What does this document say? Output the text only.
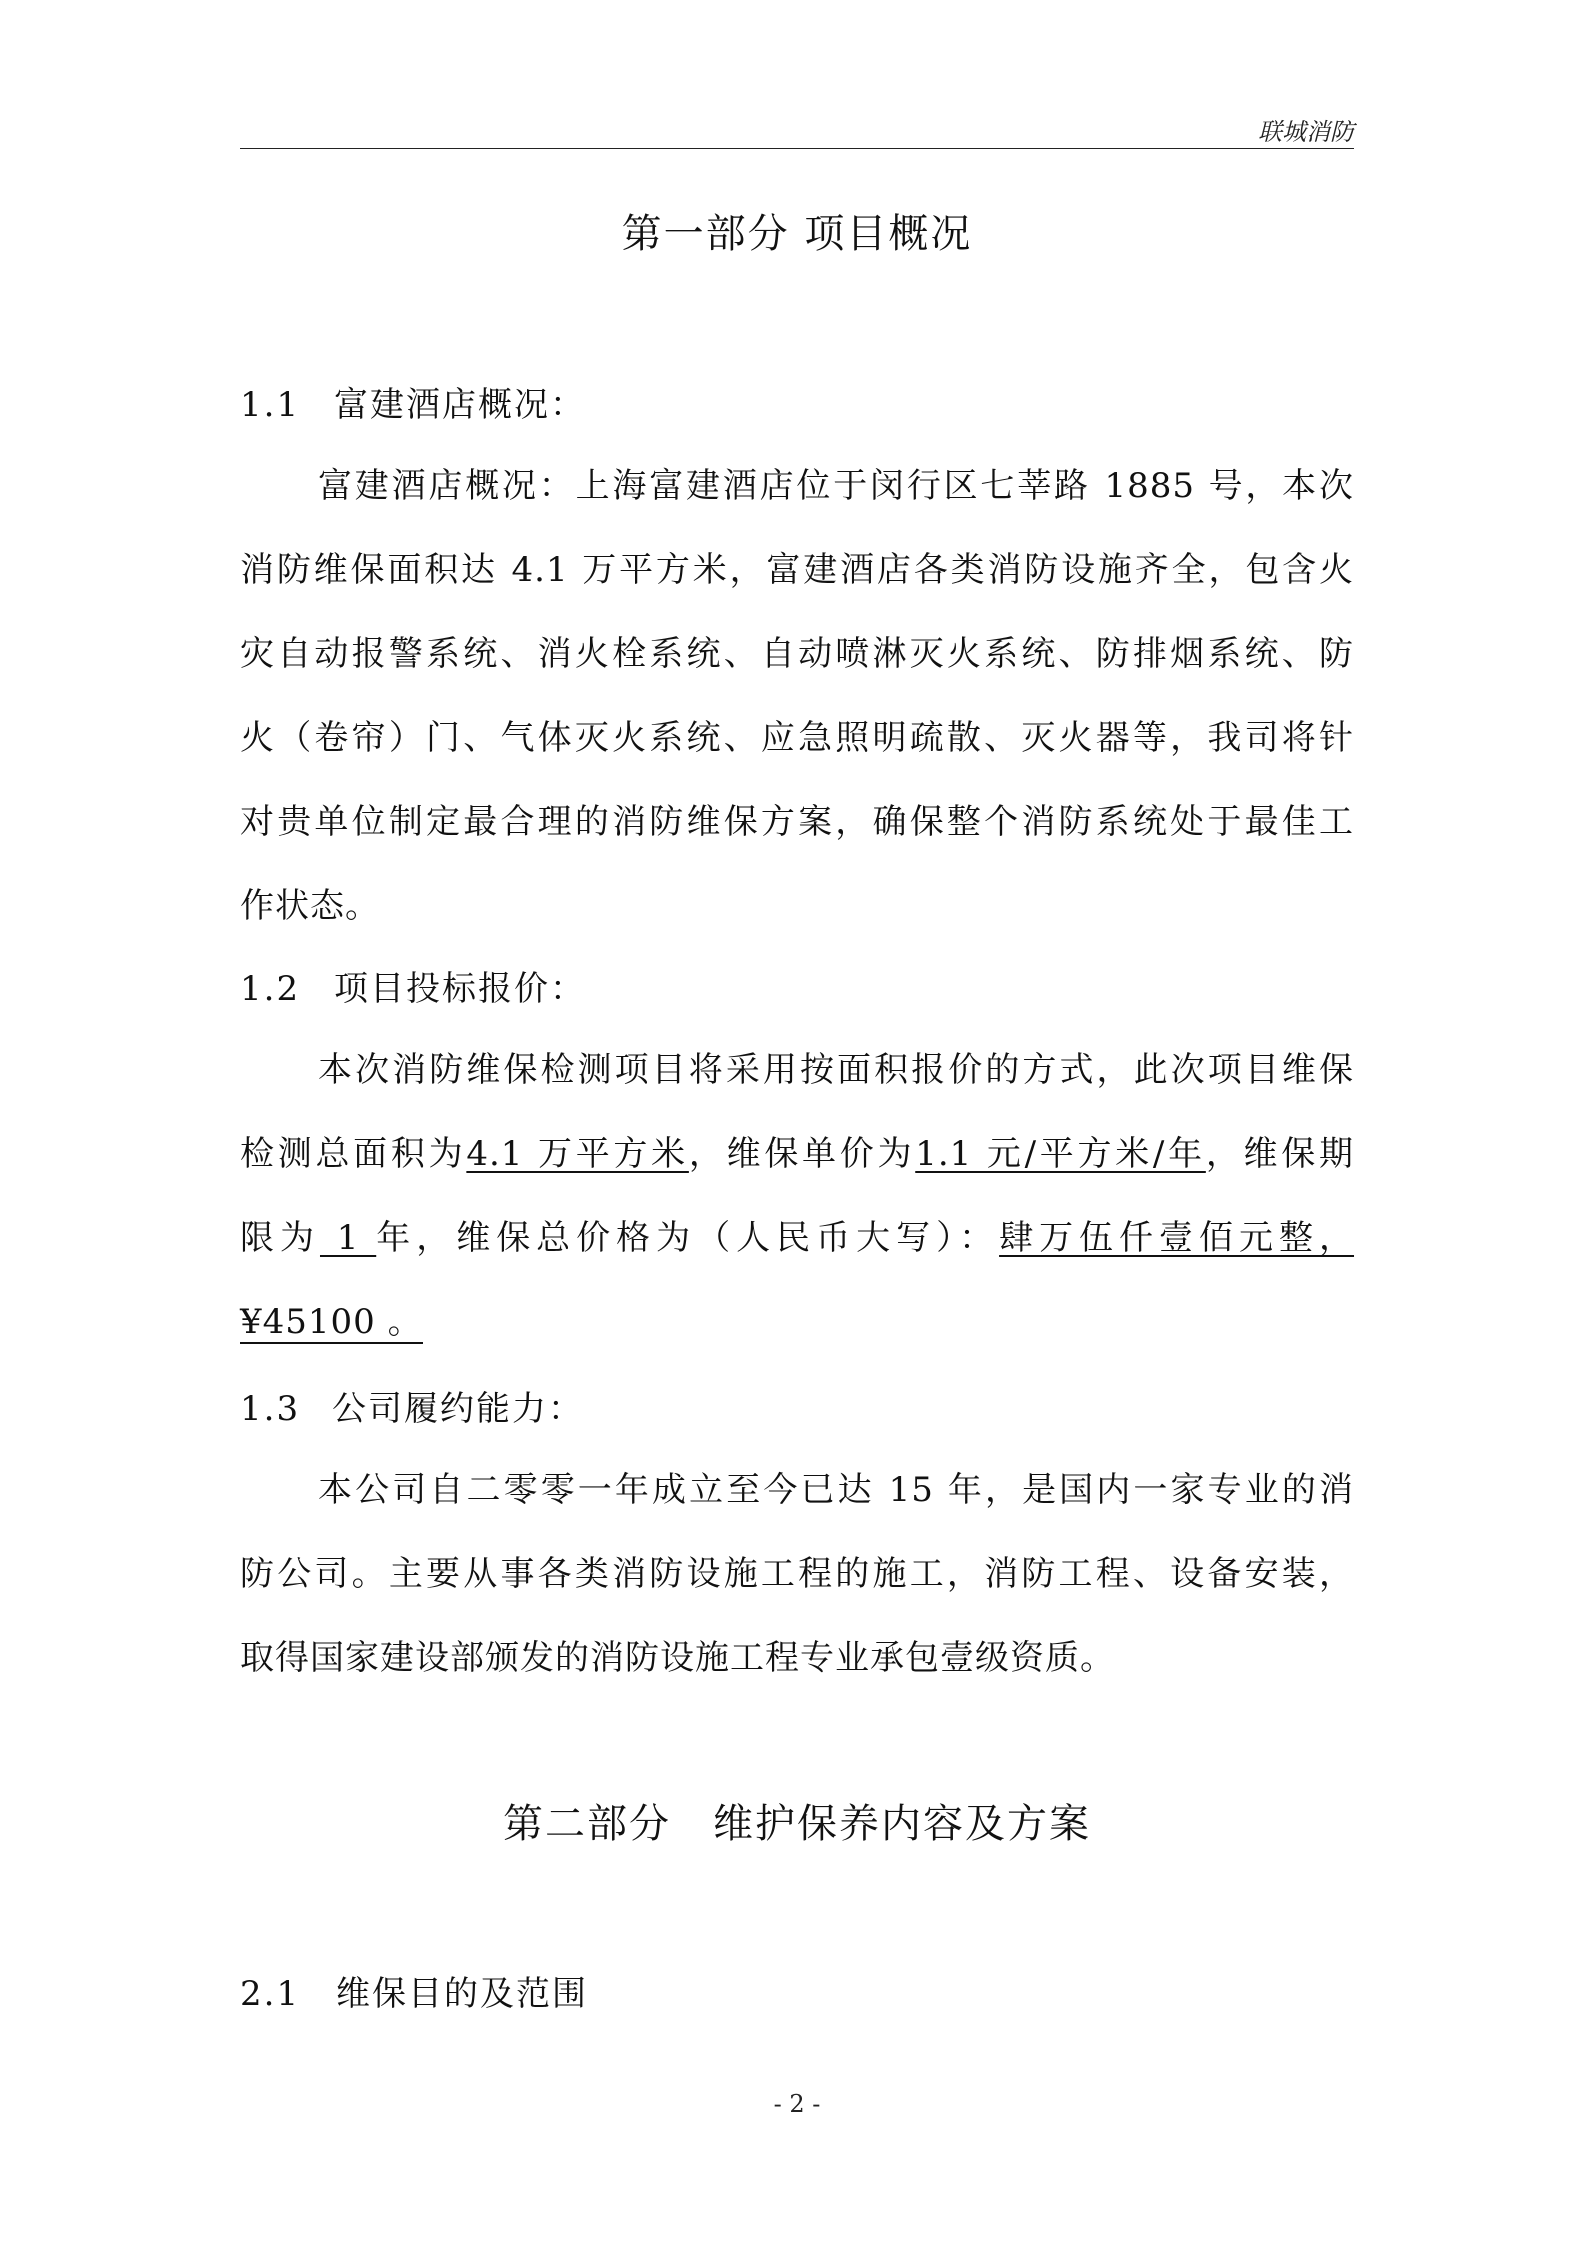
联城消防
第一部分 项目概况
1.1 富建酒店概况：
富建酒店概况：上海富建酒店位于闵行区七莘路 1885 号，本次
消防维保面积达 4.1 万平方米，富建酒店各类消防设施齐全，包含火
灾自动报警系统、消火栓系统、自动喷淋灭火系统、防排烟系统、防
火（卷帘）门、气体灭火系统、应急照明疏散、灭火器等，我司将针
对贵单位制定最合理的消防维保方案，确保整个消防系统处于最佳工
作状态。
1.2 项目投标报价：
本次消防维保检测项目将采用按面积报价的方式，此次项目维保
检测总面积为4.1 万平方米，维保单价为1.1 元/平方米/年，维保期
限为 1 年，维保总价格为（人民币大写）：肆万伍仟壹佰元整，
¥45100 。
1.3 公司履约能力：
本公司自二零零一年成立至今已达 15 年，是国内一家专业的消
防公司。主要从事各类消防设施工程的施工，消防工程、设备安装，
取得国家建设部颁发的消防设施工程专业承包壹级资质。
第二部分　维护保养内容及方案
2.1 维保目的及范围
- 2 -
